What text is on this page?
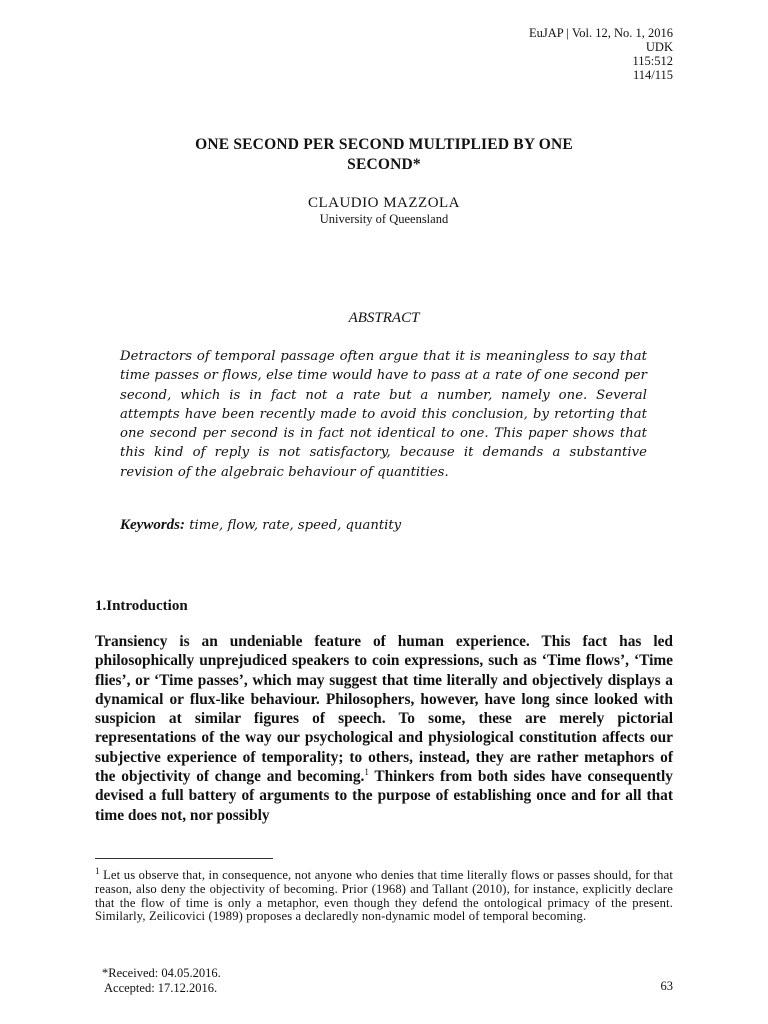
EuJAP | Vol. 12, No. 1, 2016
UDK
115:512
114/115
ONE SECOND PER SECOND MULTIPLIED BY ONE
SECOND*
CLAUDIO MAZZOLA
University of Queensland
ABSTRACT
Detractors of temporal passage often argue that it is meaningless to say that time passes or flows, else time would have to pass at a rate of one second per second, which is in fact not a rate but a number, namely one. Several attempts have been recently made to avoid this conclusion, by retorting that one second per second is in fact not identical to one. This paper shows that this kind of reply is not satisfactory, because it demands a substantive revision of the algebraic behaviour of quantities.
Keywords: time, flow, rate, speed, quantity
1.Introduction
Transiency is an undeniable feature of human experience. This fact has led philosophically unprejudiced speakers to coin expressions, such as ‘Time flows’, ‘Time flies’, or ‘Time passes’, which may suggest that time literally and objectively displays a dynamical or flux-like behaviour. Philosophers, however, have long since looked with suspicion at similar figures of speech. To some, these are merely pictorial representations of the way our psychological and physiological constitution affects our subjective experience of temporality; to others, instead, they are rather metaphors of the objectivity of change and becoming.$^1$ Thinkers from both sides have consequently devised a full battery of arguments to the purpose of establishing once and for all that time does not, nor possibly
$^1$ Let us observe that, in consequence, not anyone who denies that time literally flows or passes should, for that reason, also deny the objectivity of becoming. Prior (1968) and Tallant (2010), for instance, explicitly declare that the flow of time is only a metaphor, even though they defend the ontological primacy of the present. Similarly, Zeilicovici (1989) proposes a declaredly non-dynamic model of temporal becoming.
*Received: 04.05.2016.
Accepted: 17.12.2016.	63
